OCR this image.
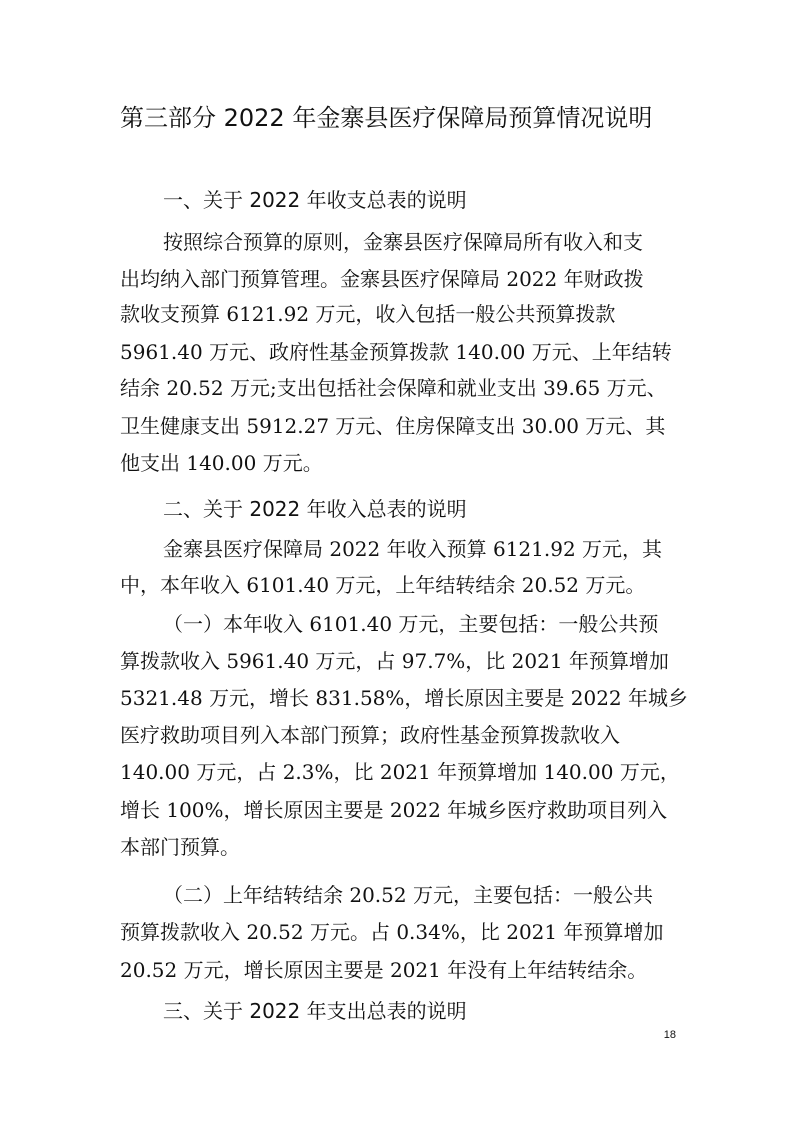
第三部分 2022 年金寨县医疗保障局预算情况说明

一、关于 2022 年收支总表的说明

按照综合预算的原则，金寨县医疗保障局所有收入和支

出均纳入部门预算管理。金寨县医疗保障局 2022 年财政拨

款收支预算 6121.92 万元，收入包括一般公共预算拨款

5961.40 万元、政府性基金预算拨款 140.00 万元、上年结转

结余 20.52 万元;支出包括社会保障和就业支出 39.65 万元、

卫生健康支出 5912.27 万元、住房保障支出 30.00 万元、其

他支出 140.00 万元。

二、关于 2022 年收入总表的说明

金寨县医疗保障局 2022 年收入预算 6121.92 万元，其

中，本年收入 6101.40 万元，上年结转结余 20.52 万元。

（一）本年收入 6101.40 万元，主要包括：一般公共预

算拨款收入 5961.40 万元，占 97.7%，比 2021 年预算增加

5321.48 万元，增长 831.58%，增长原因主要是 2022 年城乡

医疗救助项目列入本部门预算；政府性基金预算拨款收入

140.00 万元，占 2.3%，比 2021 年预算增加 140.00 万元，

增长 100%，增长原因主要是 2022 年城乡医疗救助项目列入

本部门预算。

（二）上年结转结余 20.52 万元，主要包括：一般公共

预算拨款收入 20.52 万元。占 0.34%，比 2021 年预算增加

20.52 万元，增长原因主要是 2021 年没有上年结转结余。

三、关于 2022 年支出总表的说明

18
